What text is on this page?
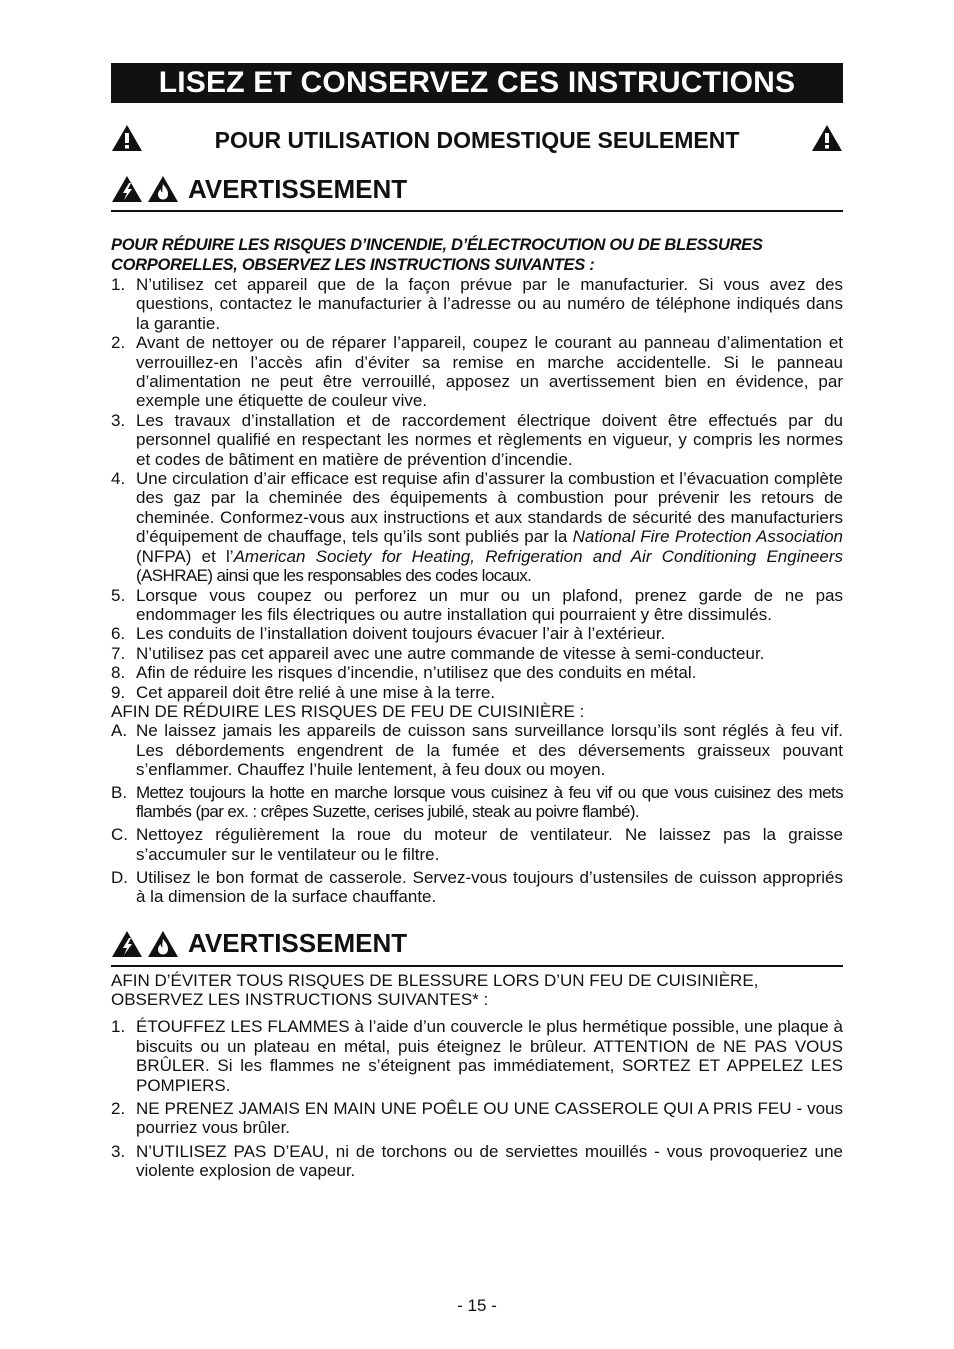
LISEZ ET CONSERVEZ CES INSTRUCTIONS
POUR UTILISATION DOMESTIQUE SEULEMENT
AVERTISSEMENT
POUR RÉDUIRE LES RISQUES D’INCENDIE, D’ÉLECTROCUTION OU DE BLESSURES CORPORELLES, OBSERVEZ LES INSTRUCTIONS SUIVANTES :
1. N’utilisez cet appareil que de la façon prévue par le manufacturier. Si vous avez des questions, contactez le manufacturier à l’adresse ou au numéro de téléphone indiqués dans la garantie.
2. Avant de nettoyer ou de réparer l’appareil, coupez le courant au panneau d’alimentation et verrouillez-en l’accès afin d’éviter sa remise en marche accidentelle. Si le panneau d’alimentation ne peut être verrouillé, apposez un avertissement bien en évidence, par exemple une étiquette de couleur vive.
3. Les travaux d’installation et de raccordement électrique doivent être effectués par du personnel qualifié en respectant les normes et règlements en vigueur, y compris les normes et codes de bâtiment en matière de prévention d’incendie.
4. Une circulation d’air efficace est requise afin d’assurer la combustion et l’évacuation complète des gaz par la cheminée des équipements à combustion pour prévenir les retours de cheminée. Conformez-vous aux instructions et aux standards de sécurité des manufacturiers d’équipement de chauffage, tels qu’ils sont publiés par la National Fire Protection Association (NFPA) et l’American Society for Heating, Refrigeration and Air Conditioning Engineers (ASHRAE) ainsi que les responsables des codes locaux.
5. Lorsque vous coupez ou perforez un mur ou un plafond, prenez garde de ne pas endommager les fils électriques ou autre installation qui pourraient y être dissimulés.
6. Les conduits de l’installation doivent toujours évacuer l’air à l’extérieur.
7. N’utilisez pas cet appareil avec une autre commande de vitesse à semi-conducteur.
8. Afin de réduire les risques d’incendie, n’utilisez que des conduits en métal.
9. Cet appareil doit être relié à une mise à la terre.
AFIN DE RÉDUIRE LES RISQUES DE FEU DE CUISINIÈRE :
A. Ne laissez jamais les appareils de cuisson sans surveillance lorsqu’ils sont réglés à feu vif. Les débordements engendrent de la fumée et des déversements graisseux pouvant s’enflammer. Chauffez l’huile lentement, à feu doux ou moyen.
B. Mettez toujours la hotte en marche lorsque vous cuisinez à feu vif ou que vous cuisinez des mets flambés (par ex. : crêpes Suzette, cerises jubilé, steak au poivre flambé).
C. Nettoyez régulièrement la roue du moteur de ventilateur. Ne laissez pas la graisse s’accumuler sur le ventilateur ou le filtre.
D. Utilisez le bon format de casserole. Servez-vous toujours d’ustensiles de cuisson appropriés à la dimension de la surface chauffante.
AVERTISSEMENT
AFIN D’ÉVITER TOUS RISQUES DE BLESSURE LORS D’UN FEU DE CUISINIÈRE, OBSERVEZ LES INSTRUCTIONS SUIVANTES* :
1. ÉTOUFFEZ LES FLAMMES à l’aide d’un couvercle le plus hermétique possible, une plaque à biscuits ou un plateau en métal, puis éteignez le brûleur. ATTENTION de NE PAS VOUS BRÛLER. Si les flammes ne s’éteignent pas immédiatement, SORTEZ ET APPELEZ LES POMPIERS.
2. NE PRENEZ JAMAIS EN MAIN UNE POÊLE OU UNE CASSEROLE QUI A PRIS FEU - vous pourriez vous brûler.
3. N’UTILISEZ PAS D’EAU, ni de torchons ou de serviettes mouillés - vous provoqueriez une violente explosion de vapeur.
- 15 -
